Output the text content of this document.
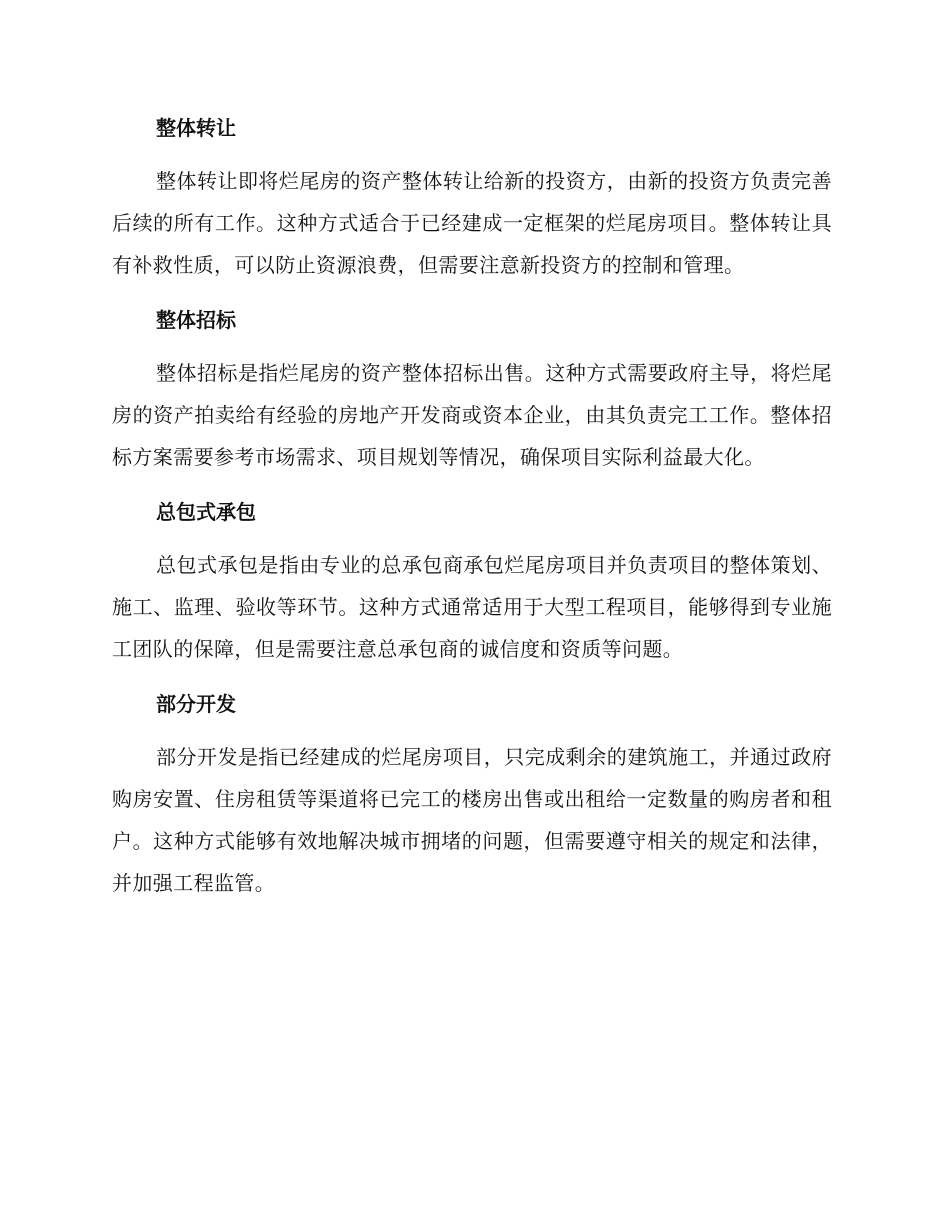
整体转让

整体转让即将烂尾房的资产整体转让给新的投资方，由新的投资方负责完善后续的所有工作。这种方式适合于已经建成一定框架的烂尾房项目。整体转让具有补救性质，可以防止资源浪费，但需要注意新投资方的控制和管理。

整体招标

整体招标是指烂尾房的资产整体招标出售。这种方式需要政府主导，将烂尾房的资产拍卖给有经验的房地产开发商或资本企业，由其负责完工工作。整体招标方案需要参考市场需求、项目规划等情况，确保项目实际利益最大化。

总包式承包

总包式承包是指由专业的总承包商承包烂尾房项目并负责项目的整体策划、施工、监理、验收等环节。这种方式通常适用于大型工程项目，能够得到专业施工团队的保障，但是需要注意总承包商的诚信度和资质等问题。

部分开发

部分开发是指已经建成的烂尾房项目，只完成剩余的建筑施工，并通过政府购房安置、住房租赁等渠道将已完工的楼房出售或出租给一定数量的购房者和租户。这种方式能够有效地解决城市拥堵的问题，但需要遵守相关的规定和法律，并加强工程监管。
